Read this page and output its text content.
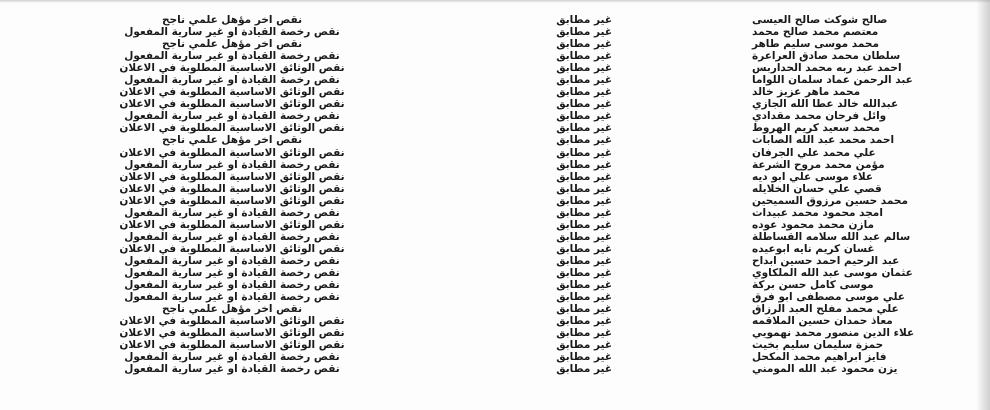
صالح شوكت صالح العيسى
غير مطابق
نقص اخر مؤهل علمي ناجح
معتصم محمد صالح محمد
غير مطابق
نقص رخصة القيادة او غير سارية المفعول
محمد موسى سليم طاهر
غير مطابق
نقص اخر مؤهل علمي ناجح
سلطان محمد صادق العراعرة
غير مطابق
نقص رخصة القيادة او غير سارية المفعول
احمد عبد ربه محمد الحداربس
غير مطابق
نقص الوثائق الاساسية المطلوبة في الاعلان
عبد الرحمن عماد سلمان اللواما
غير مطابق
نقص رخصة القيادة او غير سارية المفعول
محمد ماهر عزيز خالد
غير مطابق
نقص الوثائق الاساسية المطلوبة في الاعلان
عبدالله خالد عطا الله الجازي
غير مطابق
نقص الوثائق الاساسية المطلوبة في الاعلان
وائل فرحان محمد مقدادي
غير مطابق
نقص رخصة القيادة او غير سارية المفعول
محمد سعيد كريم الهروط
غير مطابق
نقص الوثائق الاساسية المطلوبة في الاعلان
احمد محمد عبد الله الصابات
غير مطابق
نقص اخر مؤهل علمي ناجح
علي محمد علي الجرفان
غير مطابق
نقص الوثائق الاساسية المطلوبة في الاعلان
مؤمن محمد مروح الشرعة
غير مطابق
نقص رخصة القيادة او غير سارية المفعول
علاء موسى علي ابو ديه
غير مطابق
نقص الوثائق الاساسية المطلوبة في الاعلان
قصي علي حسان الخلايله
غير مطابق
نقص الوثائق الاساسية المطلوبة في الاعلان
محمد حسين مرزوق السميحين
غير مطابق
نقص الوثائق الاساسية المطلوبة في الاعلان
امجد محمود محمد عبيدات
غير مطابق
نقص رخصة القيادة او غير سارية المفعول
مازن محمد محمود عوده
غير مطابق
نقص الوثائق الاساسية المطلوبة في الاعلان
سالم عبد الله سلامه القساطلة
غير مطابق
نقص رخصة القيادة او غير سارية المفعول
غسان كريم نايه ابوعيده
غير مطابق
نقص الوثائق الاساسية المطلوبة في الاعلان
عبد الرحيم احمد حسين ابداح
غير مطابق
نقص رخصة القيادة او غير سارية المفعول
عثمان موسى عبد الله الملكاوي
غير مطابق
نقص رخصة القيادة او غير سارية المفعول
موسى كامل حسن بركة
غير مطابق
نقص رخصة القيادة او غير سارية المفعول
علي موسى مصطفى ابو فرق
غير مطابق
نقص رخصة القيادة او غير سارية المفعول
علي محمد مفلح العبد الرزاق
غير مطابق
نقص اخر مؤهل علمي ناجح
معاذ حمدان حسين الملاقمه
غير مطابق
نقص الوثائق الاساسية المطلوبة في الاعلان
علاء الدين منصور محمد نهمويي
غير مطابق
نقص الوثائق الاساسية المطلوبة في الاعلان
حمزة سليمان سليم بخيت
غير مطابق
نقص الوثائق الاساسية المطلوبة في الاعلان
فايز ابراهيم محمد المكحل
غير مطابق
نقص رخصة القيادة او غير سارية المفعول
يزن محمود عبد الله المومني
غير مطابق
نقص رخصة القيادة او غير سارية المفعول
